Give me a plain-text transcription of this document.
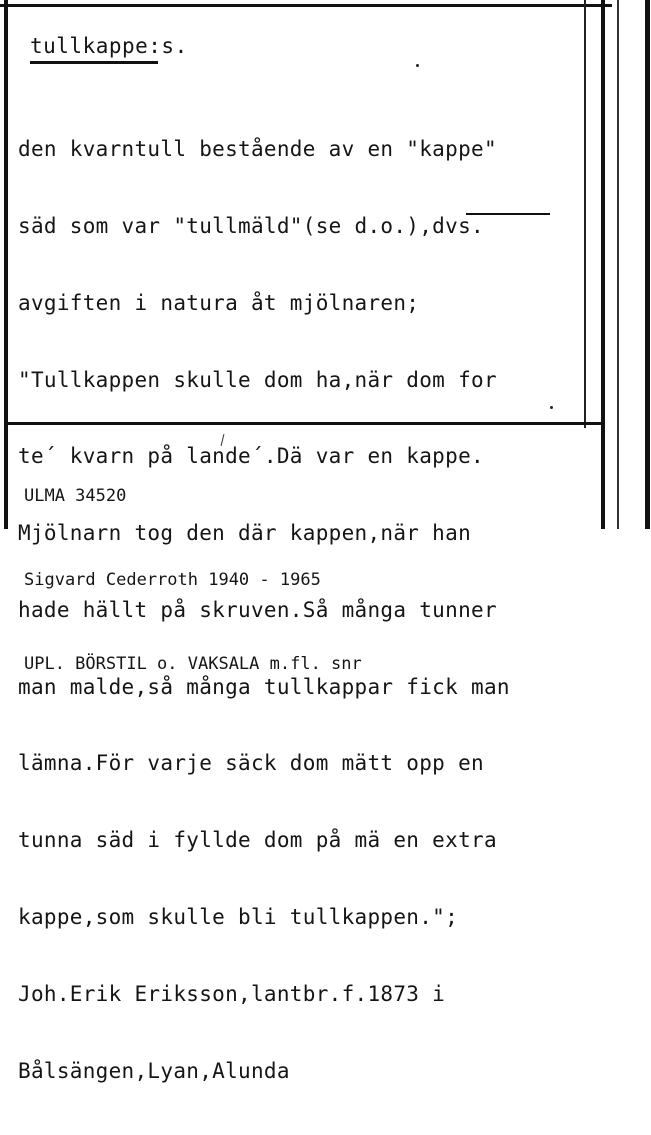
tullkappe:s.

den kvarntull bestående av en "kappe"

säd som var "tullmäld"(se d.o.),dvs.

avgiften i natura åt mjölnaren;

"Tullkappen skulle dom ha,när dom for

te´ kvarn på lande´.Dä var en kappe.

Mjölnarn tog den där kappen,när han

hade hällt på skruven.Så många tunner

man malde,så många tullkappar fick man

lämna.För varje säck dom mätt opp en

tunna säd i fyllde dom på mä en extra

kappe,som skulle bli tullkappen.";

Joh.Erik Eriksson,lantbr.f.1873 i

Bålsängen,Lyan,Alunda

ULMA 34520

Sigvard Cederroth 1940 - 1965

UPL. BÖRSTIL o. VAKSALA m.fl. snr
